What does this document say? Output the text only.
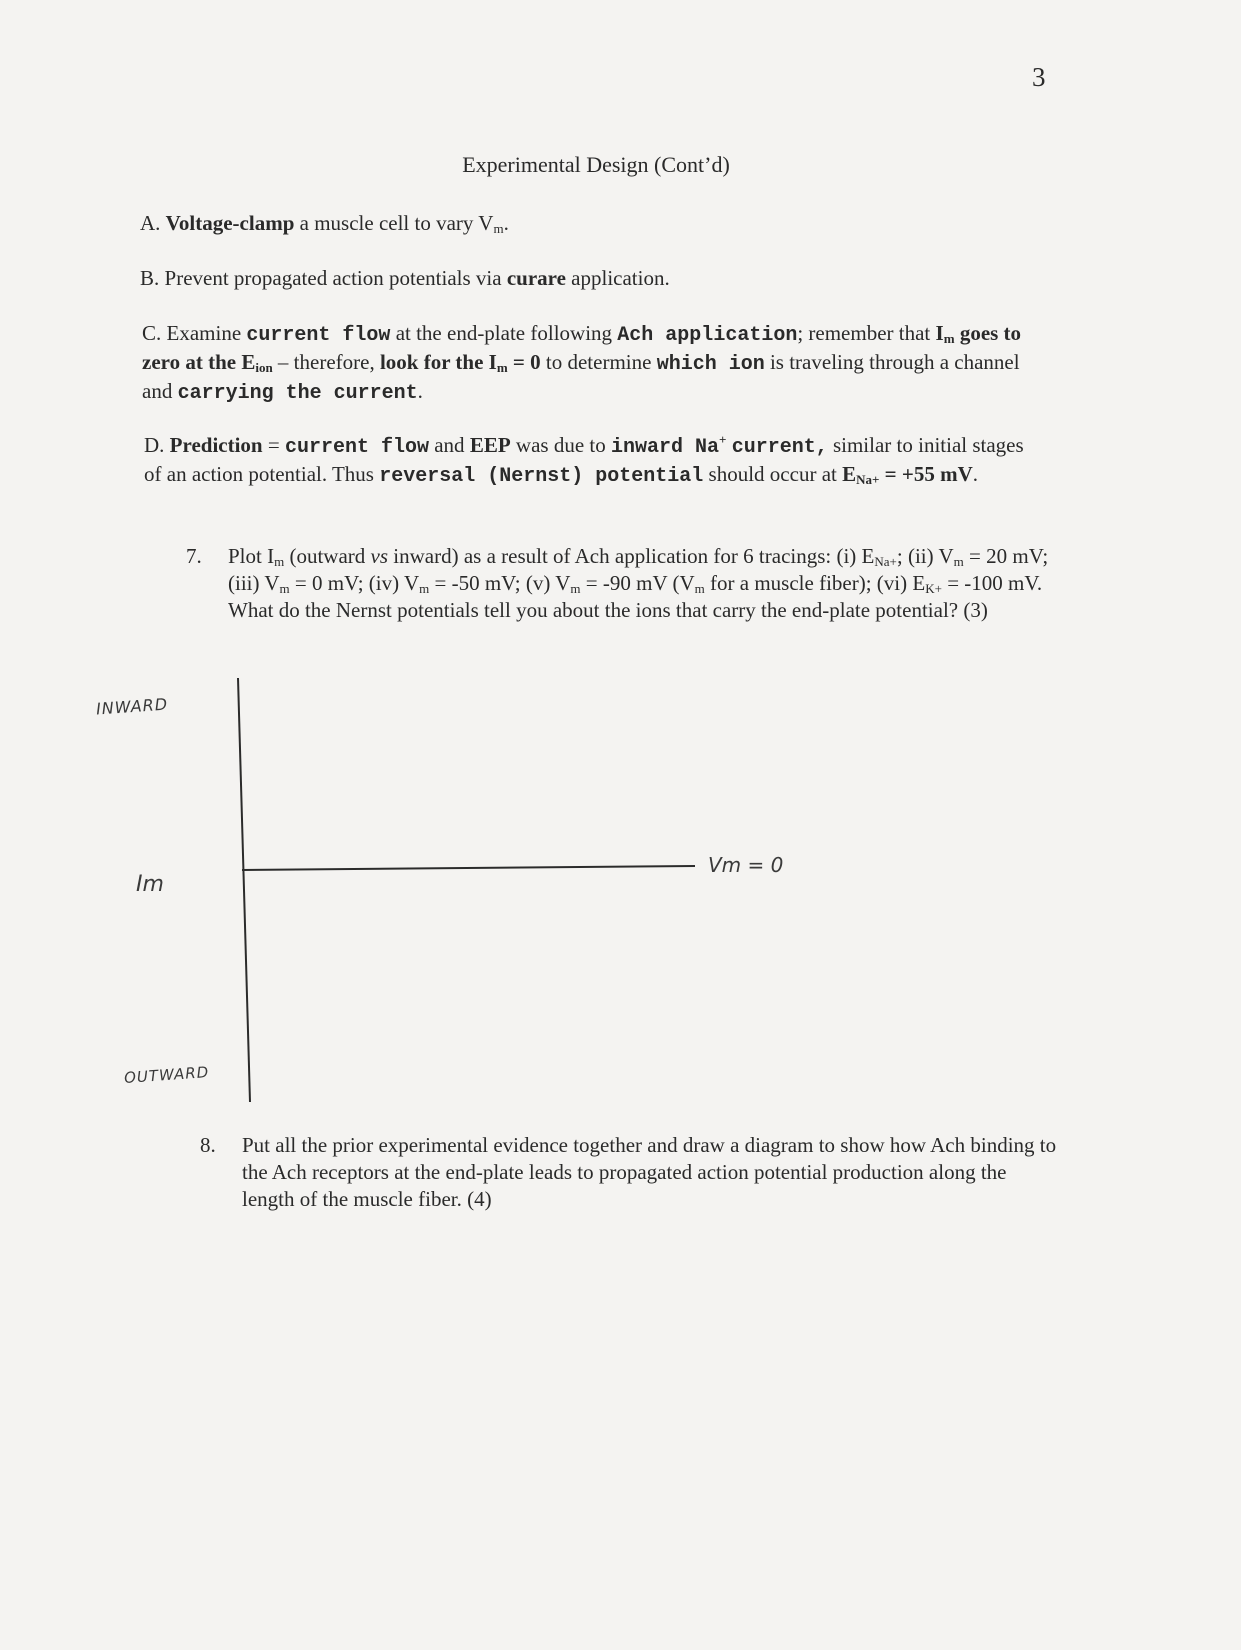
3
Experimental Design (Cont’d)
A. Voltage-clamp a muscle cell to vary $V_m$.
B. Prevent propagated action potentials via curare application.
C. Examine current flow at the end-plate following Ach application; remember that $I_m$ goes to zero at the $E_{ion}$ – therefore, look for the $I_m = 0$ to determine which ion is traveling through a channel and carrying the current.
D. Prediction = current flow and EEP was due to inward Na+ current, similar to initial stages of an action potential. Thus reversal (Nernst) potential should occur at $E_{Na+} = +55$ mV.
7. Plot $I_m$ (outward vs inward) as a result of Ach application for 6 tracings: (i) $E_{Na+}$; (ii) $V_m = 20$ mV; (iii) $V_m = 0$ mV; (iv) $V_m = -50$ mV; (v) $V_m = -90$ mV ($V_m$ for a muscle fiber); (vi) $E_{K+} = -100$ mV. What do the Nernst potentials tell you about the ions that carry the end-plate potential? (3)
INWARD
Im
OUTWARD
Vm = 0
8. Put all the prior experimental evidence together and draw a diagram to show how Ach binding to the Ach receptors at the end-plate leads to propagated action potential production along the length of the muscle fiber. (4)
